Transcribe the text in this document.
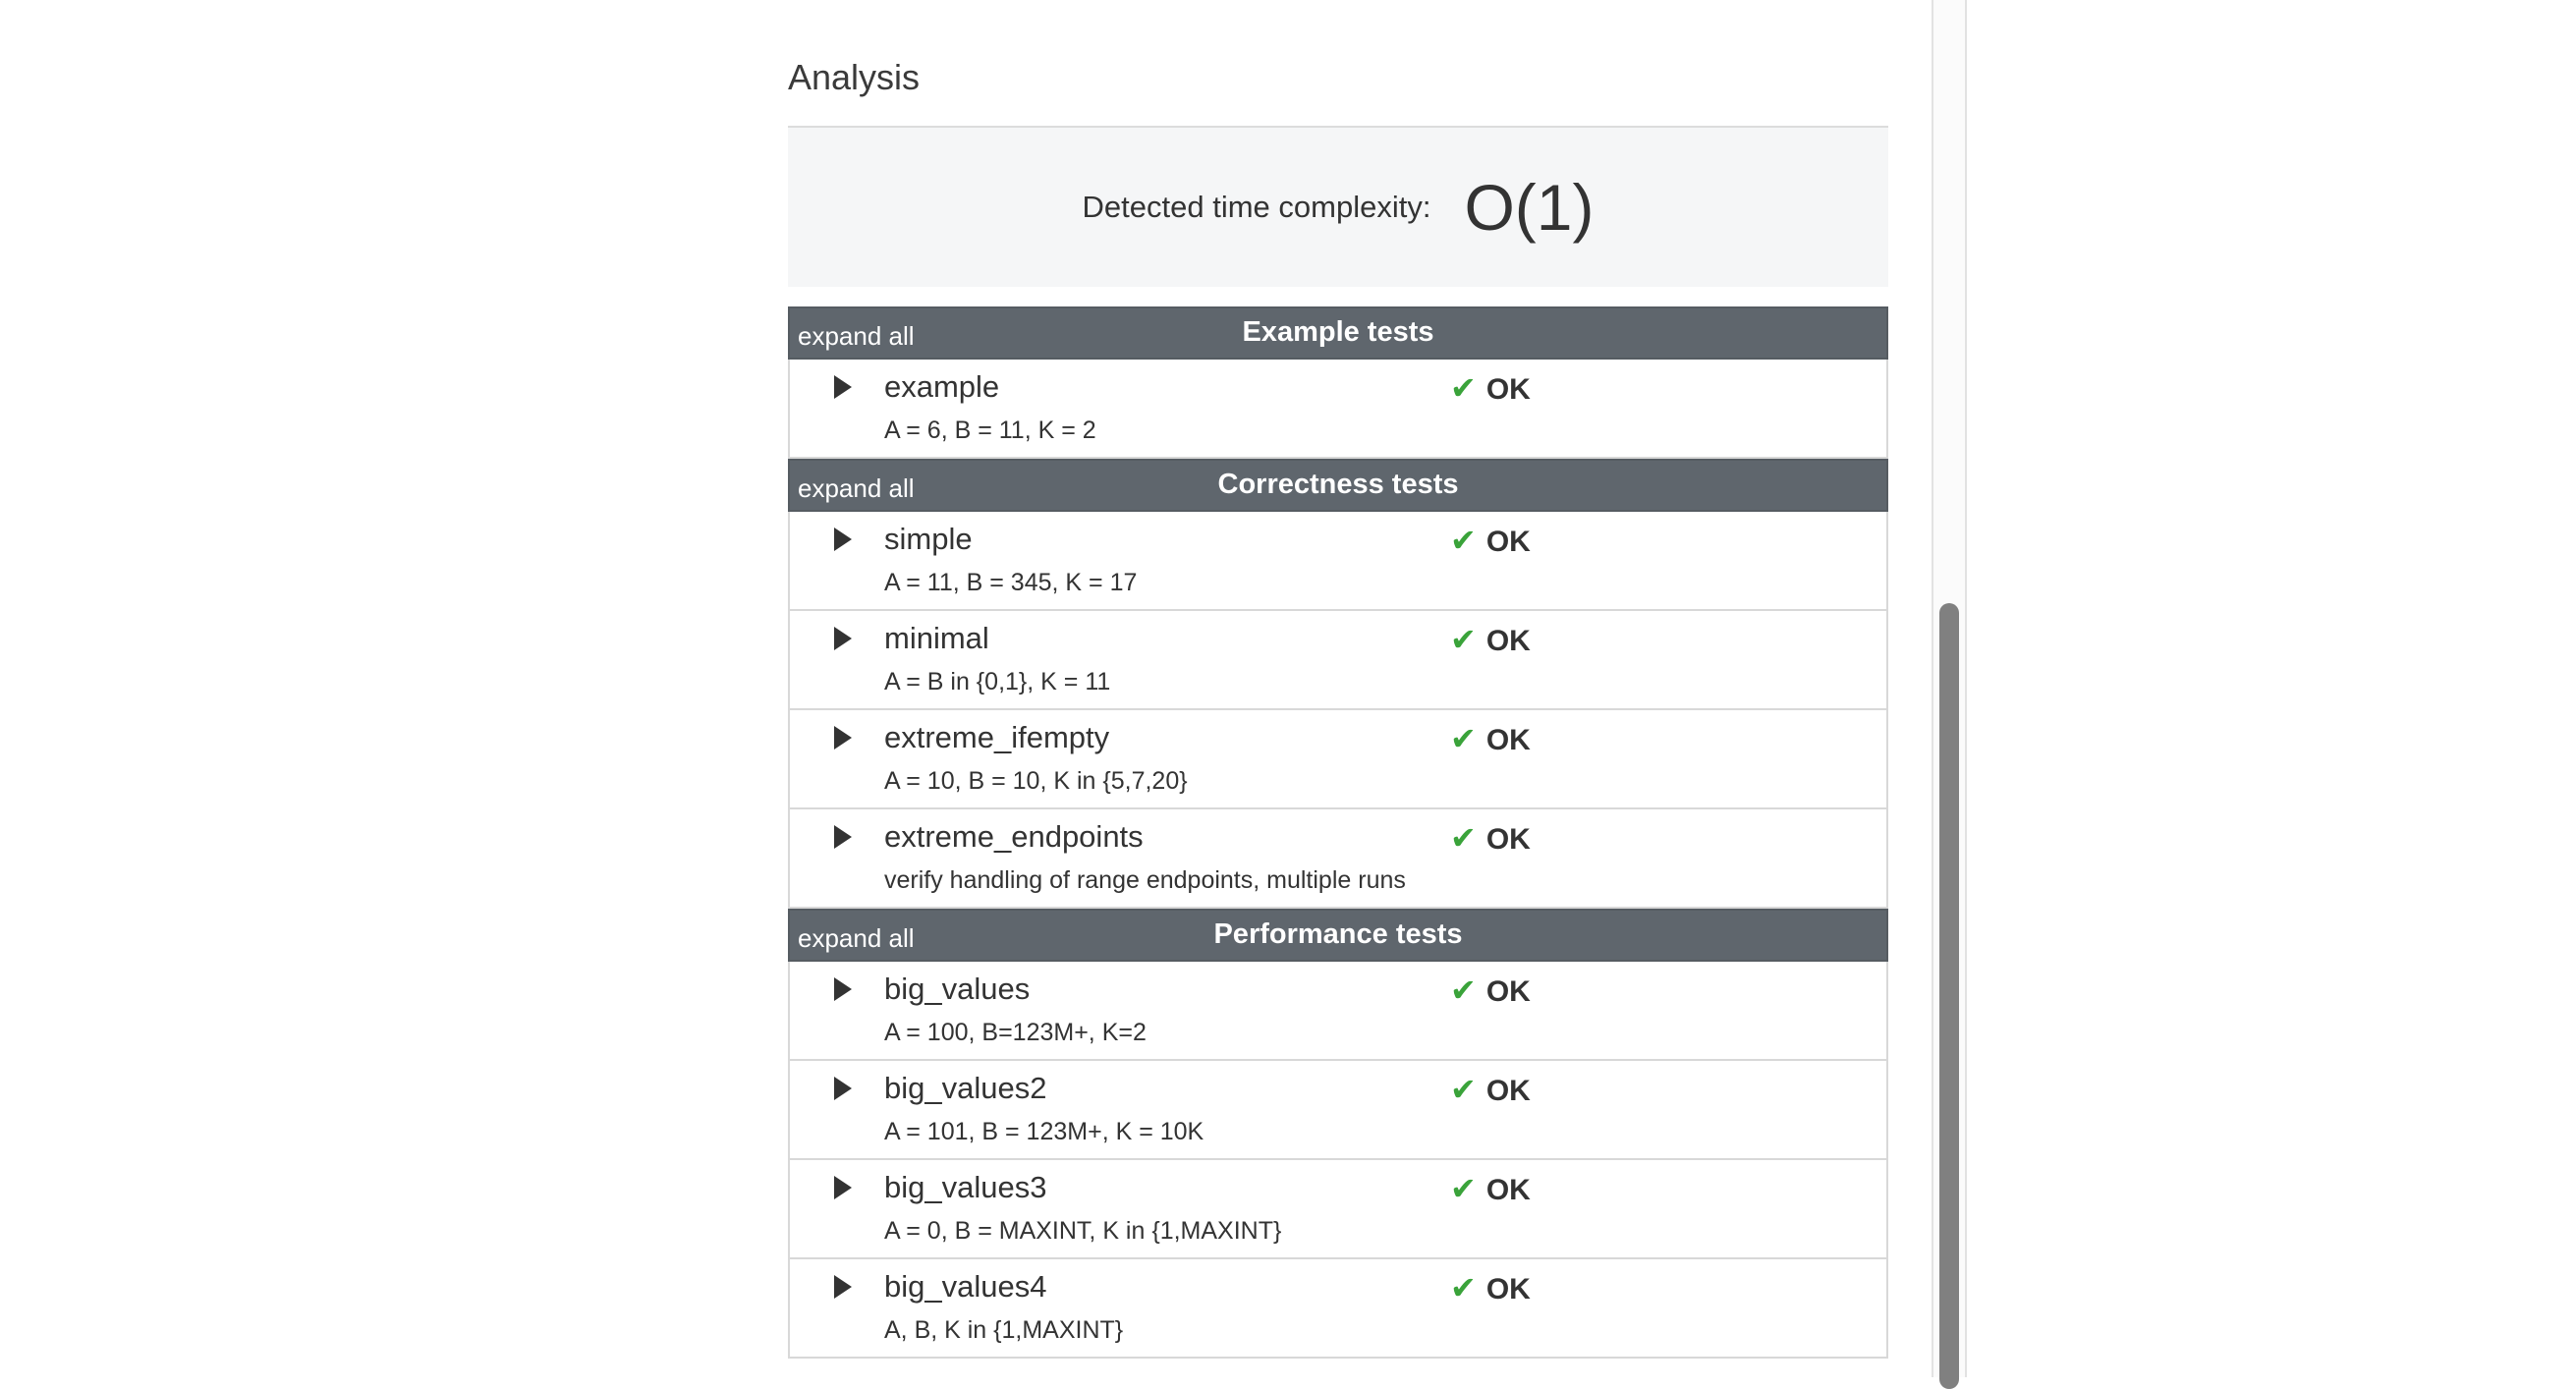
Analysis
Detected time complexity: O(1)
expand all	Example tests
example
A = 6, B = 11, K = 2
✔ OK
expand all	Correctness tests
simple
A = 11, B = 345, K = 17
✔ OK
minimal
A = B in {0,1}, K = 11
✔ OK
extreme_ifempty
A = 10, B = 10, K in {5,7,20}
✔ OK
extreme_endpoints
verify handling of range endpoints, multiple runs
✔ OK
expand all	Performance tests
big_values
A = 100, B=123M+, K=2
✔ OK
big_values2
A = 101, B = 123M+, K = 10K
✔ OK
big_values3
A = 0, B = MAXINT, K in {1,MAXINT}
✔ OK
big_values4
A, B, K in {1,MAXINT}
✔ OK
